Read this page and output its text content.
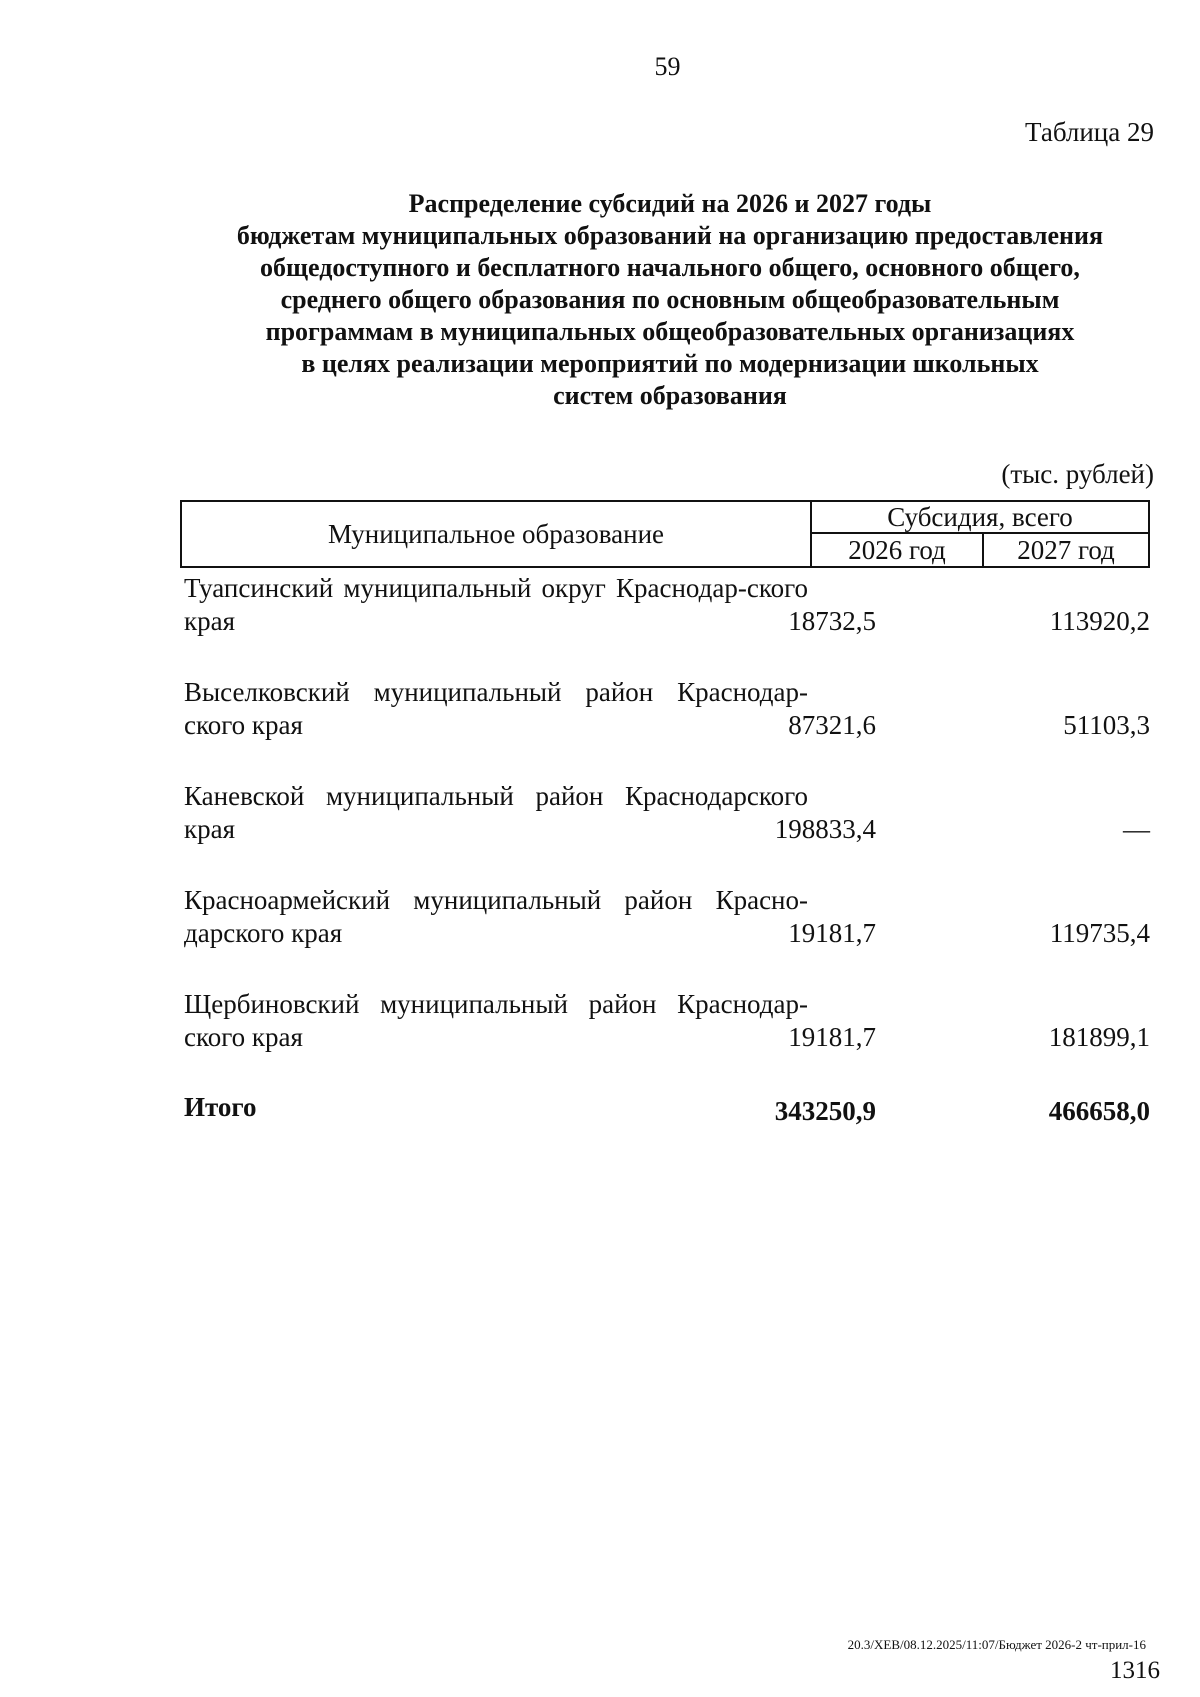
59
Таблица 29
Распределение субсидий на 2026 и 2027 годы
бюджетам муниципальных образований на организацию предоставления
общедоступного и бесплатного начального общего, основного общего,
среднего общего образования по основным общеобразовательным
программам в муниципальных общеобразовательных организациях
в целях реализации мероприятий по модернизации школьных
систем образования
(тыс. рублей)
Муниципальное образование
Субсидия, всего
2026 год	2027 год
Туапсинский муниципальный округ Краснодар-ского края	18732,5	113920,2
Выселковский муниципальный район Краснодар-ского края	87321,6	51103,3
Каневской муниципальный район Краснодарского края	198833,4	—
Красноармейский муниципальный район Красно-дарского края	19181,7	119735,4
Щербиновский муниципальный район Краснодар-ского края	19181,7	181899,1
Итого	343250,9	466658,0
20.3/ХЕВ/08.12.2025/11:07/Бюджет 2026-2 чт-прил-16
1316
